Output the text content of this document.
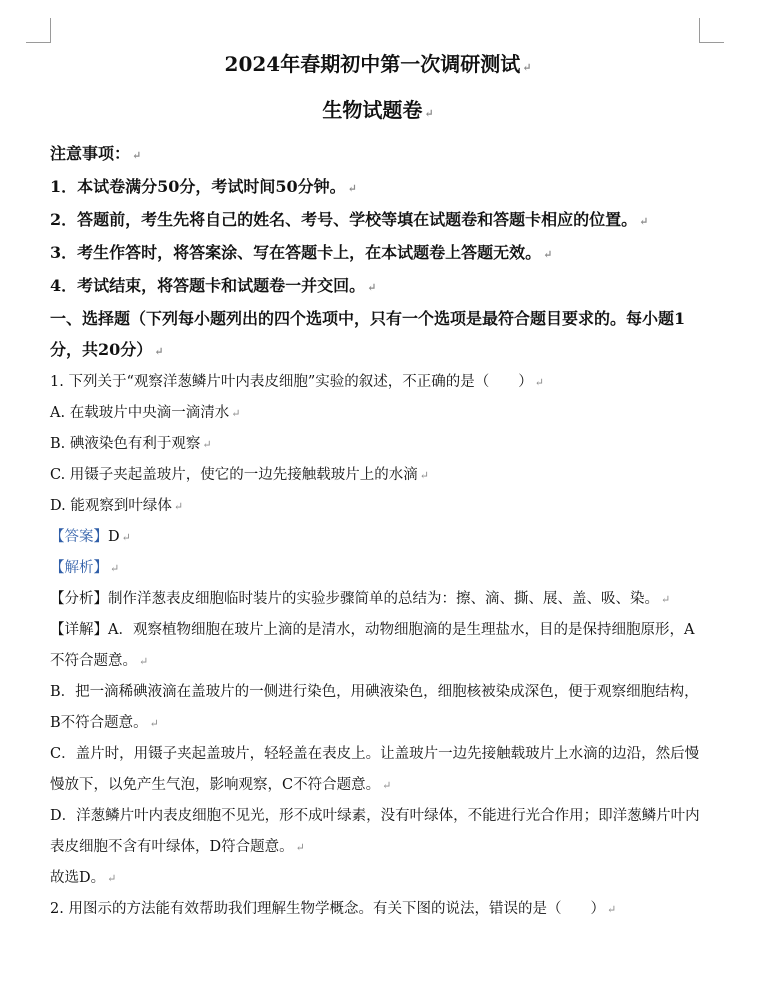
2024年春期初中第一次调研测试 ↵

生物试题卷 ↵

注意事项： ↵

1．本试卷满分50分，考试时间50分钟。 ↵

2．答题前，考生先将自己的姓名、考号、学校等填在试题卷和答题卡相应的位置。 ↵

3．考生作答时，将答案涂、写在答题卡上，在本试题卷上答题无效。 ↵

4．考试结束，将答题卡和试题卷一并交回。 ↵

一、选择题（下列每小题列出的四个选项中，只有一个选项是最符合题目要求的。每小题1分，共20分） ↵

1. 下列关于“观察洋葱鳞片叶内表皮细胞”实验的叙述，不正确的是（　　） ↵

A. 在载玻片中央滴一滴清水 ↵

B. 碘液染色有利于观察 ↵

C. 用镊子夹起盖玻片，使它的一边先接触载玻片上的水滴 ↵

D. 能观察到叶绿体 ↵

【答案】D ↵

【解析】 ↵

【分析】制作洋葱表皮细胞临时装片的实验步骤简单的总结为：擦、滴、撕、展、盖、吸、染。 ↵

【详解】A．观察植物细胞在玻片上滴的是清水，动物细胞滴的是生理盐水，目的是保持细胞原形，A不符合题意。 ↵

B．把一滴稀碘液滴在盖玻片的一侧进行染色，用碘液染色，细胞核被染成深色，便于观察细胞结构，B不符合题意。 ↵

C．盖片时，用镊子夹起盖玻片，轻轻盖在表皮上。让盖玻片一边先接触载玻片上水滴的边沿，然后慢慢放下，以免产生气泡，影响观察，C不符合题意。 ↵

D．洋葱鳞片叶内表皮细胞不见光，形不成叶绿素，没有叶绿体，不能进行光合作用；即洋葱鳞片叶内表皮细胞不含有叶绿体，D符合题意。 ↵

故选D。 ↵

2. 用图示的方法能有效帮助我们理解生物学概念。有关下图的说法，错误的是（　　） ↵
